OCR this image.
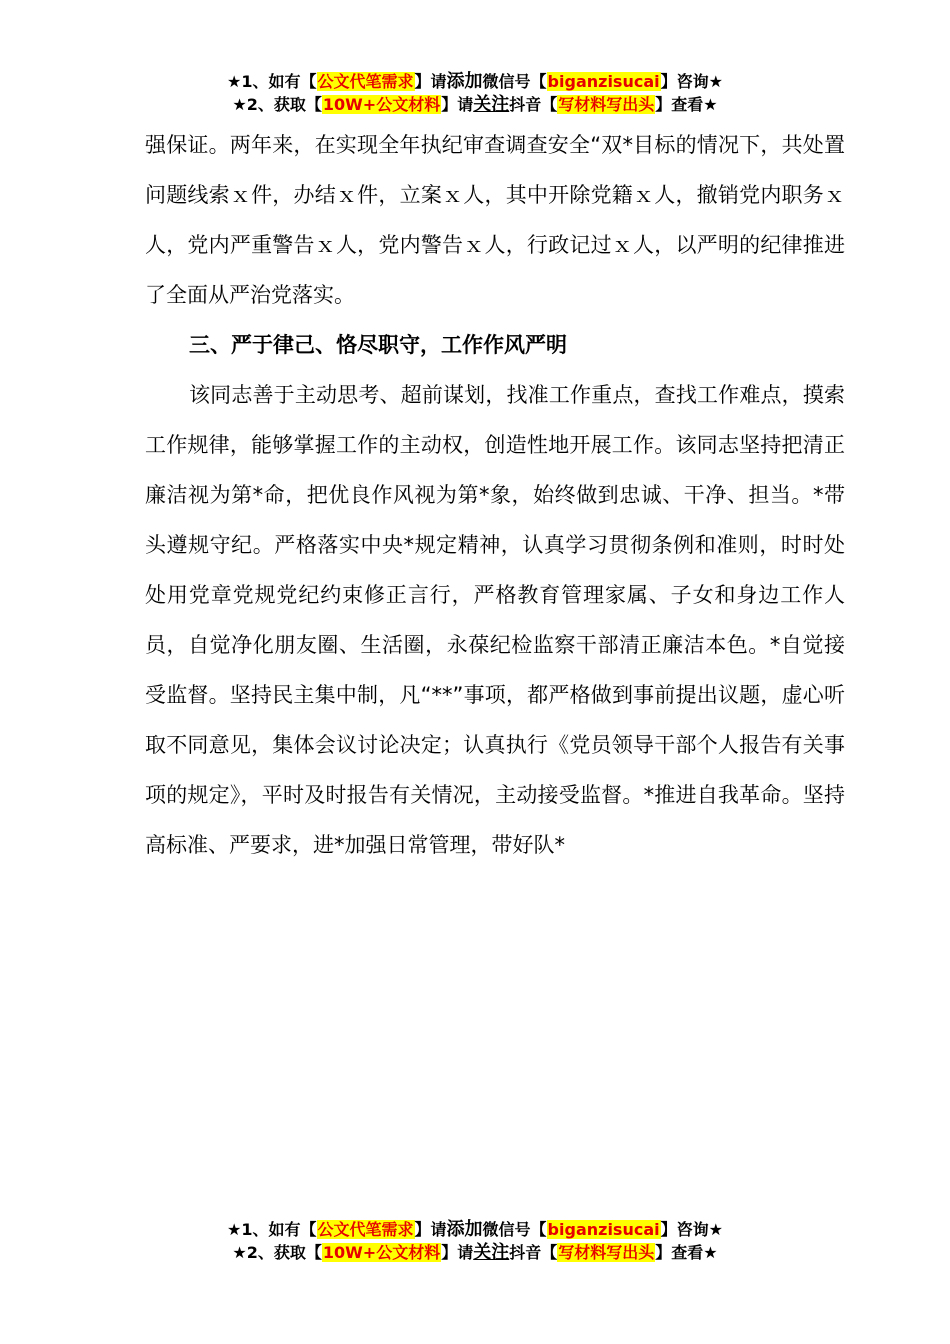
★1、如有【公文代笔需求】请添加微信号【biganzisucai】咨询★
★2、获取【10W+公文材料】请关注抖音【写材料写出头】查看★

强保证。两年来，在实现全年执纪审查调查安全“双*目标的情况下，共处置问题线索ｘ件，办结ｘ件，立案ｘ人，其中开除党籍ｘ人，撤销党内职务ｘ人，党内严重警告ｘ人，党内警告ｘ人，行政记过ｘ人，以严明的纪律推进了全面从严治党落实。

三、严于律己、恪尽职守，工作作风严明

该同志善于主动思考、超前谋划，找准工作重点，查找工作难点，摸索工作规律，能够掌握工作的主动权，创造性地开展工作。该同志坚持把清正廉洁视为第*命，把优良作风视为第*象，始终做到忠诚、干净、担当。*带头遵规守纪。严格落实中央*规定精神，认真学习贯彻条例和准则，时时处处用党章党规党纪约束修正言行，严格教育管理家属、子女和身边工作人员，自觉净化朋友圈、生活圈，永葆纪检监察干部清正廉洁本色。*自觉接受监督。坚持民主集中制，凡“**”事项，都严格做到事前提出议题，虚心听取不同意见，集体会议讨论决定；认真执行《党员领导干部个人报告有关事项的规定》，平时及时报告有关情况，主动接受监督。*推进自我革命。坚持高标准、严要求，进*加强日常管理，带好队*

★1、如有【公文代笔需求】请添加微信号【biganzisucai】咨询★
★2、获取【10W+公文材料】请关注抖音【写材料写出头】查看★
